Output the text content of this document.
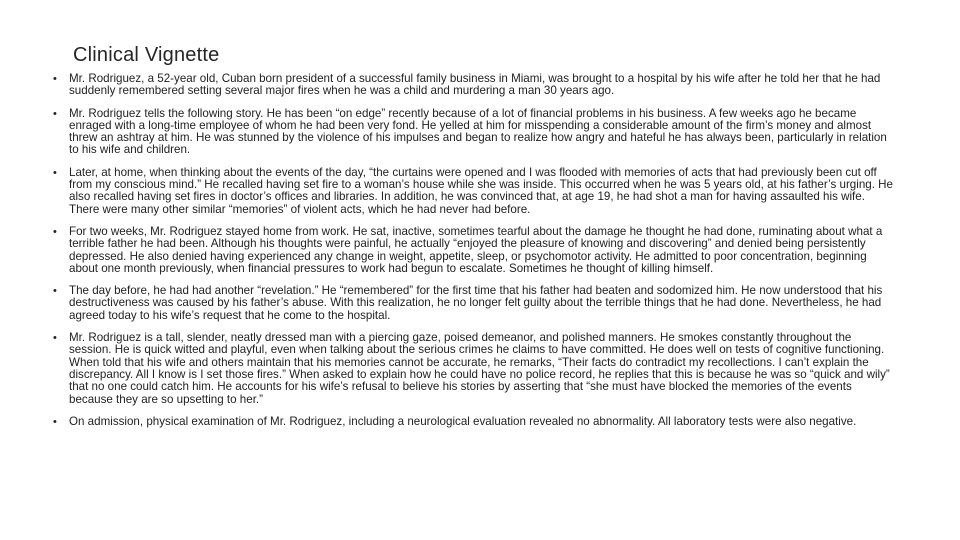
Clinical Vignette
• Mr. Rodriguez, a 52-year old, Cuban born president of a successful family business in Miami, was brought to a hospital by his wife after he told her that he had suddenly remembered setting several major fires when he was a child and murdering a man 30 years ago.
• Mr. Rodriguez tells the following story. He has been “on edge” recently because of a lot of financial problems in his business. A few weeks ago he became enraged with a long-time employee of whom he had been very fond. He yelled at him for misspending a considerable amount of the firm’s money and almost threw an ashtray at him. He was stunned by the violence of his impulses and began to realize how angry and hateful he has always been, particularly in relation to his wife and children.
• Later, at home, when thinking about the events of the day, “the curtains were opened and I was flooded with memories of acts that had previously been cut off from my conscious mind.” He recalled having set fire to a woman’s house while she was inside. This occurred when he was 5 years old, at his father’s urging. He also recalled having set fires in doctor’s offices and libraries. In addition, he was convinced that, at age 19, he had shot a man for having assaulted his wife. There were many other similar “memories” of violent acts, which he had never had before.
• For two weeks, Mr. Rodriguez stayed home from work. He sat, inactive, sometimes tearful about the damage he thought he had done, ruminating about what a terrible father he had been. Although his thoughts were painful, he actually “enjoyed the pleasure of knowing and discovering” and denied being persistently depressed. He also denied having experienced any change in weight, appetite, sleep, or psychomotor activity. He admitted to poor concentration, beginning about one month previously, when financial pressures to work had begun to escalate. Sometimes he thought of killing himself.
• The day before, he had had another “revelation.” He “remembered” for the first time that his father had beaten and sodomized him. He now understood that his destructiveness was caused by his father’s abuse. With this realization, he no longer felt guilty about the terrible things that he had done. Nevertheless, he had agreed today to his wife’s request that he come to the hospital.
• Mr. Rodriguez is a tall, slender, neatly dressed man with a piercing gaze, poised demeanor, and polished manners. He smokes constantly throughout the session. He is quick witted and playful, even when talking about the serious crimes he claims to have committed. He does well on tests of cognitive functioning. When told that his wife and others maintain that his memories cannot be accurate, he remarks, “Their facts do contradict my recollections. I can’t explain the discrepancy. All I know is I set those fires.” When asked to explain how he could have no police record, he replies that this is because he was so “quick and wily” that no one could catch him. He accounts for his wife’s refusal to believe his stories by asserting that “she must have blocked the memories of the events because they are so upsetting to her.”
• On admission, physical examination of Mr. Rodriguez, including a neurological evaluation revealed no abnormality. All laboratory tests were also negative.
